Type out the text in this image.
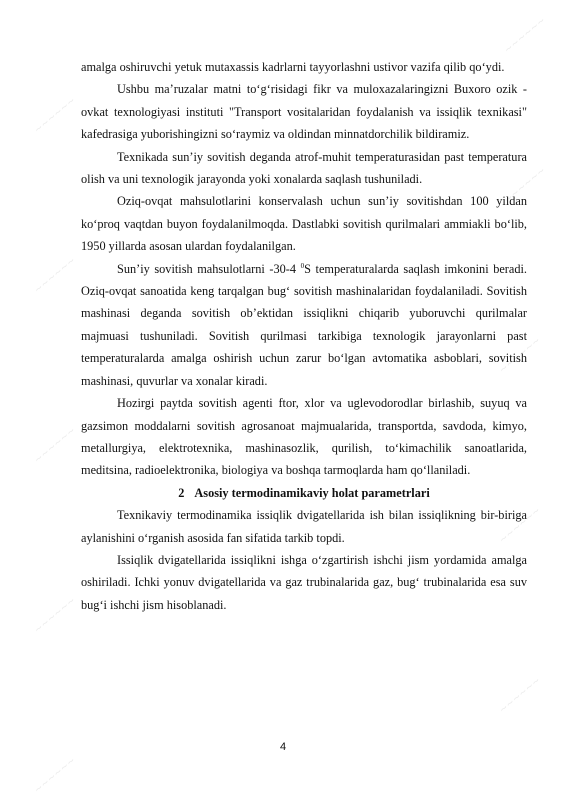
~~~~~~
~~~~~~
~~~~~~
~~~~~~
~~~~~~
~~~~~~
~~~~~~
~~~~~~
~~~~~~
~~~~~~

amalga oshiruvchi yetuk mutaxassis kadrlarni tayyorlashni ustivor vazifa qilib qo‘ydi.

Ushbu ma’ruzalar matni to‘g‘risidagi fikr va muloxazalaringizni Buxoro ozik - ovkat texnologiyasi instituti "Transport vositalaridan foydalanish va issiqlik texnikasi" kafedrasiga yuborishingizni so‘raymiz va oldindan minnatdorchilik bildiramiz.

Texnikada sun’iy sovitish deganda atrof-muhit temperaturasidan past temperatura olish va uni texnologik jarayonda yoki xonalarda saqlash tushuniladi.

Oziq-ovqat mahsulotlarini konservalash uchun sun’iy sovitishdan 100 yildan ko‘proq vaqtdan buyon foydalanilmoqda. Dastlabki sovitish qurilmalari ammiakli bo‘lib, 1950 yillarda asosan ulardan foydalanilgan.

Sun’iy sovitish mahsulotlarni -30-4 $^0$S temperaturalarda saqlash imkonini beradi. Oziq-ovqat sanoatida keng tarqalgan bug‘ sovitish mashinalaridan foydalaniladi. Sovitish mashinasi deganda sovitish ob’ektidan issiqlikni chiqarib yuboruvchi qurilmalar majmuasi tushuniladi. Sovitish qurilmasi tarkibiga texnologik jarayonlarni past temperaturalarda amalga oshirish uchun zarur bo‘lgan avtomatika asboblari, sovitish mashinasi, quvurlar va xonalar kiradi.

Hozirgi paytda sovitish agenti ftor, xlor va uglevodorodlar birlashib, suyuq va gazsimon moddalarni sovitish agrosanoat majmualarida, transportda, savdoda, kimyo, metallurgiya, elektrotexnika, mashinasozlik, qurilish, to‘kimachilik sanoatlarida, meditsina, radioelektronika, biologiya va boshqa tarmoqlarda ham qo‘llaniladi.

2 Asosiy termodinamikaviy holat parametrlari

Texnikaviy termodinamika issiqlik dvigatellarida ish bilan issiqlikning bir-biriga aylanishini o‘rganish asosida fan sifatida tarkib topdi.

Issiqlik dvigatellarida issiqlikni ishga o‘zgartirish ishchi jism yordamida amalga oshiriladi. Ichki yonuv dvigatellarida va gaz trubinalarida gaz, bug‘ trubinalarida esa suv bug‘i ishchi jism hisoblanadi.

4
